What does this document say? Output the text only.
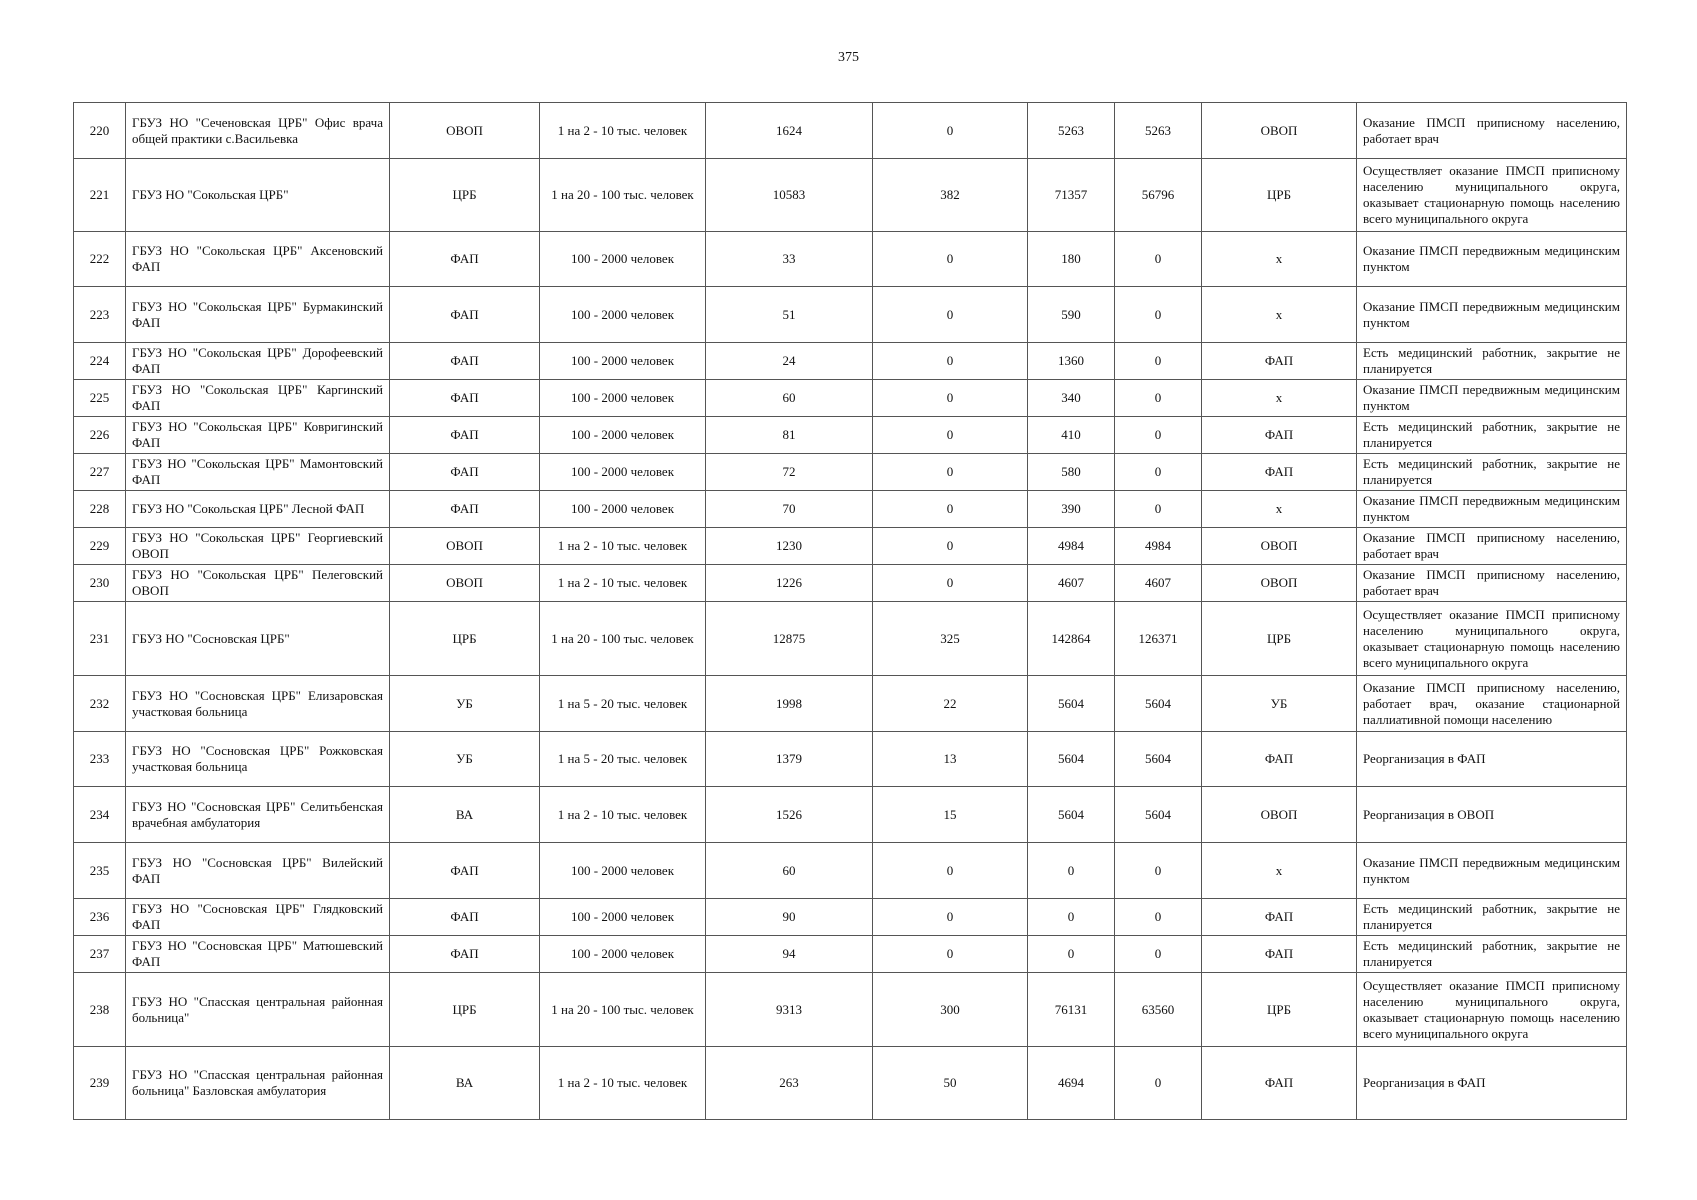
375
220	ГБУЗ НО "Сеченовская ЦРБ" Офис врача общей практики с.Васильевка	ОВОП	1 на 2 - 10 тыс. человек	1624	0	5263	5263	ОВОП	Оказание ПМСП приписному населению, работает врач
221	ГБУЗ НО "Сокольская ЦРБ"	ЦРБ	1 на 20 - 100 тыс. человек	10583	382	71357	56796	ЦРБ	Осуществляет оказание ПМСП приписному населению муниципального округа, оказывает стационарную помощь населению всего муниципального округа
222	ГБУЗ НО "Сокольская ЦРБ" Аксеновский ФАП	ФАП	100 - 2000 человек	33	0	180	0	х	Оказание ПМСП передвижным медицинским пунктом
223	ГБУЗ НО "Сокольская ЦРБ" Бурмакинский ФАП	ФАП	100 - 2000 человек	51	0	590	0	х	Оказание ПМСП передвижным медицинским пунктом
224	ГБУЗ НО "Сокольская ЦРБ" Дорофеевский ФАП	ФАП	100 - 2000 человек	24	0	1360	0	ФАП	Есть медицинский работник, закрытие не планируется
225	ГБУЗ НО "Сокольская ЦРБ" Каргинский ФАП	ФАП	100 - 2000 человек	60	0	340	0	х	Оказание ПМСП передвижным медицинским пунктом
226	ГБУЗ НО "Сокольская ЦРБ" Ковригинский ФАП	ФАП	100 - 2000 человек	81	0	410	0	ФАП	Есть медицинский работник, закрытие не планируется
227	ГБУЗ НО "Сокольская ЦРБ" Мамонтовский ФАП	ФАП	100 - 2000 человек	72	0	580	0	ФАП	Есть медицинский работник, закрытие не планируется
228	ГБУЗ НО "Сокольская ЦРБ" Лесной ФАП	ФАП	100 - 2000 человек	70	0	390	0	х	Оказание ПМСП передвижным медицинским пунктом
229	ГБУЗ НО "Сокольская ЦРБ" Георгиевский ОВОП	ОВОП	1 на 2 - 10 тыс. человек	1230	0	4984	4984	ОВОП	Оказание ПМСП приписному населению, работает врач
230	ГБУЗ НО "Сокольская ЦРБ" Пелеговский ОВОП	ОВОП	1 на 2 - 10 тыс. человек	1226	0	4607	4607	ОВОП	Оказание ПМСП приписному населению, работает врач
231	ГБУЗ НО "Сосновская ЦРБ"	ЦРБ	1 на 20 - 100 тыс. человек	12875	325	142864	126371	ЦРБ	Осуществляет оказание ПМСП приписному населению муниципального округа, оказывает стационарную помощь населению всего муниципального округа
232	ГБУЗ НО "Сосновская ЦРБ" Елизаровская участковая больница	УБ	1 на 5 - 20 тыс. человек	1998	22	5604	5604	УБ	Оказание ПМСП приписному населению, работает врач, оказание стационарной паллиативной помощи населению
233	ГБУЗ НО "Сосновская ЦРБ" Рожковская участковая больница	УБ	1 на 5 - 20 тыс. человек	1379	13	5604	5604	ФАП	Реорганизация в ФАП
234	ГБУЗ НО "Сосновская ЦРБ" Селитьбенская врачебная амбулатория	ВА	1 на 2 - 10 тыс. человек	1526	15	5604	5604	ОВОП	Реорганизация в ОВОП
235	ГБУЗ НО "Сосновская ЦРБ" Вилейский ФАП	ФАП	100 - 2000 человек	60	0	0	0	х	Оказание ПМСП передвижным медицинским пунктом
236	ГБУЗ НО "Сосновская ЦРБ" Глядковский ФАП	ФАП	100 - 2000 человек	90	0	0	0	ФАП	Есть медицинский работник, закрытие не планируется
237	ГБУЗ НО "Сосновская ЦРБ" Матюшевский ФАП	ФАП	100 - 2000 человек	94	0	0	0	ФАП	Есть медицинский работник, закрытие не планируется
238	ГБУЗ НО "Спасская центральная районная больница"	ЦРБ	1 на 20 - 100 тыс. человек	9313	300	76131	63560	ЦРБ	Осуществляет оказание ПМСП приписному населению муниципального округа, оказывает стационарную помощь населению всего муниципального округа
239	ГБУЗ НО "Спасская центральная районная больница" Базловская амбулатория	ВА	1 на 2 - 10 тыс. человек	263	50	4694	0	ФАП	Реорганизация в ФАП
